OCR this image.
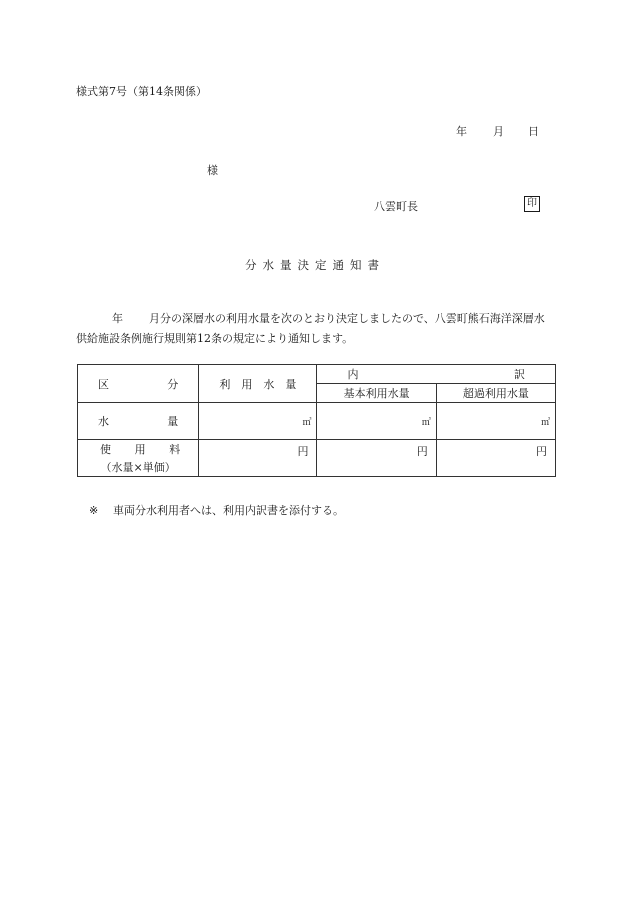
様式第7号（第14条関係）
年 月 日
様
八雲町長	印
分水量決定通知書
年 月分の深層水の利用水量を次のとおり決定しましたので、八雲町熊石海洋深層水供給施設条例施行規則第12条の規定により通知します。
区 分	利　用　水　量	内 訳	

		基本利用水量	超過利用水量

水 量	㎥	㎥	㎥

使 用 料
（水量×単価）	円	円	円
※ 車両分水利用者へは、利用内訳書を添付する。
